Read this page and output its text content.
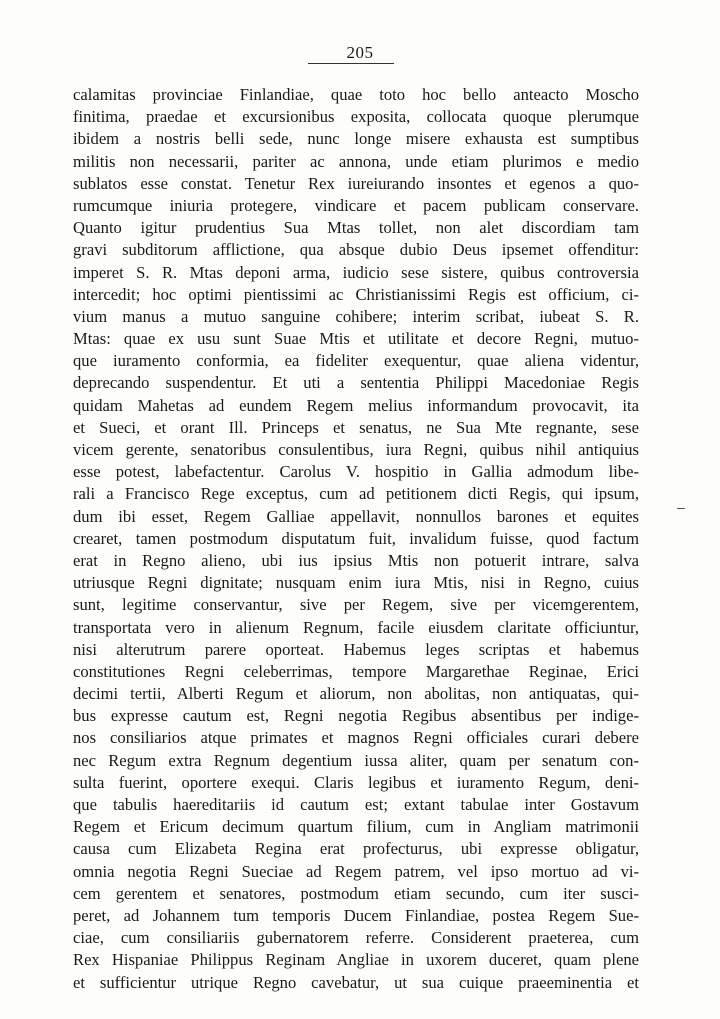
205
calamitas provinciae Finlandiae, quae toto hoc bello anteacto Moscho
finitima, praedae et excursionibus exposita, collocata quoque plerumque
ibidem a nostris belli sede, nunc longe misere exhausta est sumptibus
militis non necessarii, pariter ac annona, unde etiam plurimos e medio
sublatos esse constat. Tenetur Rex iureiurando insontes et egenos a quo-
rumcumque iniuria protegere, vindicare et pacem publicam conservare.
Quanto igitur prudentius Sua Mtas tollet, non alet discordiam tam
gravi subditorum afflictione, qua absque dubio Deus ipsemet offenditur:
imperet S. R. Mtas deponi arma, iudicio sese sistere, quibus controversia
intercedit; hoc optimi pientissimi ac Christianissimi Regis est officium, ci-
vium manus a mutuo sanguine cohibere; interim scribat, iubeat S. R.
Mtas: quae ex usu sunt Suae Mtis et utilitate et decore Regni, mutuo-
que iuramento conformia, ea fideliter exequentur, quae aliena videntur,
deprecando suspendentur. Et uti a sententia Philippi Macedoniae Regis
quidam Mahetas ad eundem Regem melius informandum provocavit, ita
et Sueci, et orant Ill. Princeps et senatus, ne Sua Mte regnante, sese
vicem gerente, senatoribus consulentibus, iura Regni, quibus nihil antiquius
esse potest, labefactentur. Carolus V. hospitio in Gallia admodum libe-
rali a Francisco Rege exceptus, cum ad petitionem dicti Regis, qui ipsum,
dum ibi esset, Regem Galliae appellavit, nonnullos barones et equites
crearet, tamen postmodum disputatum fuit, invalidum fuisse, quod factum
erat in Regno alieno, ubi ius ipsius Mtis non potuerit intrare, salva
utriusque Regni dignitate; nusquam enim iura Mtis, nisi in Regno, cuius
sunt, legitime conservantur, sive per Regem, sive per vicemgerentem,
transportata vero in alienum Regnum, facile eiusdem claritate officiuntur,
nisi alterutrum parere oporteat. Habemus leges scriptas et habemus
constitutiones Regni celeberrimas, tempore Margarethae Reginae, Erici
decimi tertii, Alberti Regum et aliorum, non abolitas, non antiquatas, qui-
bus expresse cautum est, Regni negotia Regibus absentibus per indige-
nos consiliarios atque primates et magnos Regni officiales curari debere
nec Regum extra Regnum degentium iussa aliter, quam per senatum con-
sulta fuerint, oportere exequi. Claris legibus et iuramento Regum, deni-
que tabulis haereditariis id cautum est; extant tabulae inter Gostavum
Regem et Ericum decimum quartum filium, cum in Angliam matrimonii
causa cum Elizabeta Regina erat profecturus, ubi expresse obligatur,
omnia negotia Regni Sueciae ad Regem patrem, vel ipso mortuo ad vi-
cem gerentem et senatores, postmodum etiam secundo, cum iter susci-
peret, ad Johannem tum temporis Ducem Finlandiae, postea Regem Sue-
ciae, cum consiliariis gubernatorem referre. Considerent praeterea, cum
Rex Hispaniae Philippus Reginam Angliae in uxorem duceret, quam plene
et sufficientur utrique Regno cavebatur, ut sua cuique praeeminentia et
